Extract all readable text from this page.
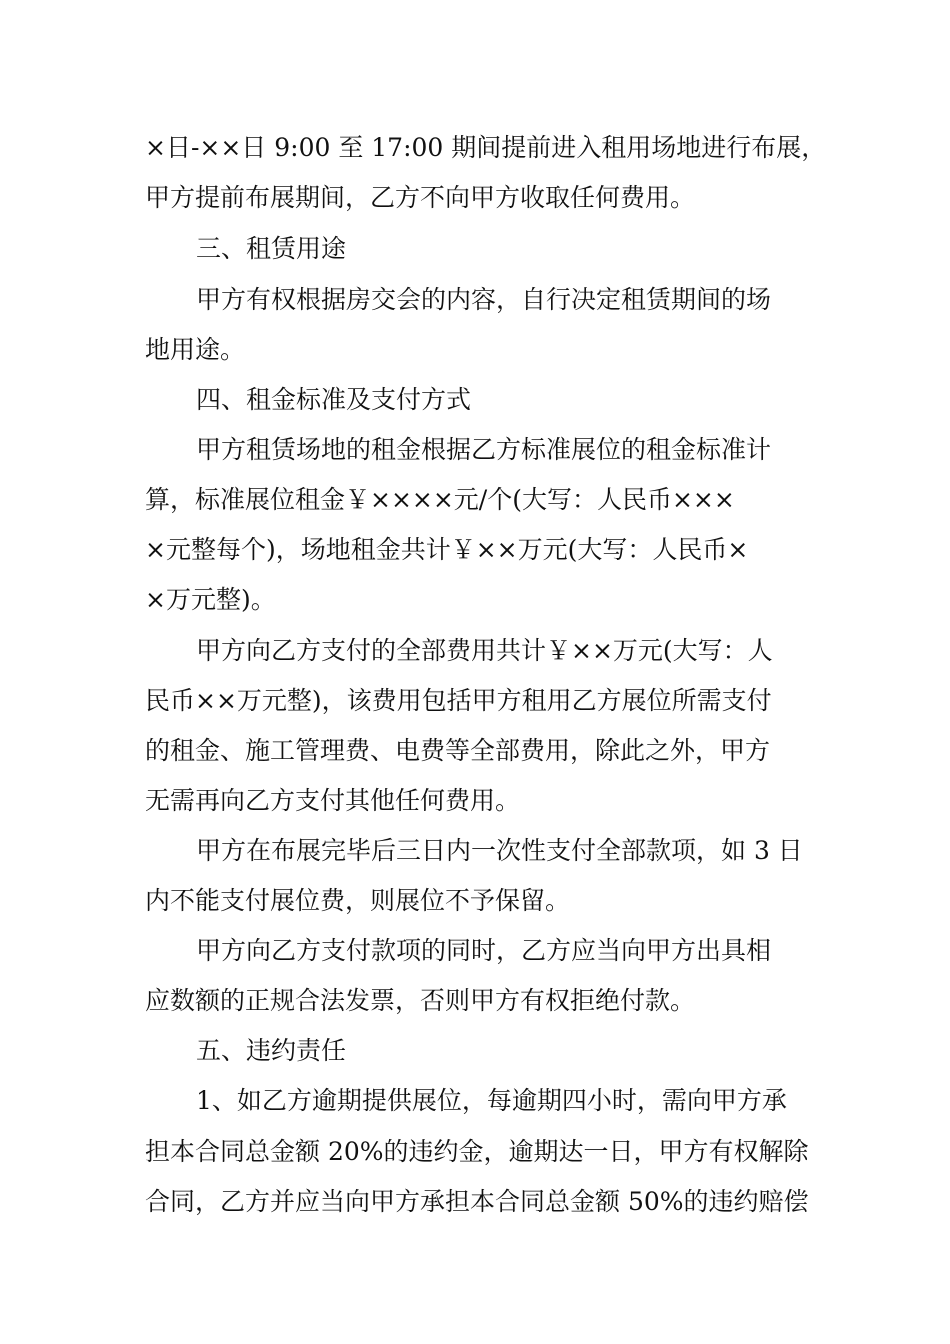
×日-××日 9:00 至 17:00 期间提前进入租用场地进行布展，
甲方提前布展期间，乙方不向甲方收取任何费用。
三、租赁用途
甲方有权根据房交会的内容，自行决定租赁期间的场
地用途。
四、租金标准及支付方式
甲方租赁场地的租金根据乙方标准展位的租金标准计
算，标准展位租金￥××××元/个(大写：人民币×××
×元整每个)，场地租金共计￥××万元(大写：人民币×
×万元整)。
甲方向乙方支付的全部费用共计￥××万元(大写：人
民币××万元整)，该费用包括甲方租用乙方展位所需支付
的租金、施工管理费、电费等全部费用，除此之外，甲方
无需再向乙方支付其他任何费用。
甲方在布展完毕后三日内一次性支付全部款项，如 3 日
内不能支付展位费，则展位不予保留。
甲方向乙方支付款项的同时，乙方应当向甲方出具相
应数额的正规合法发票，否则甲方有权拒绝付款。
五、违约责任
1、如乙方逾期提供展位，每逾期四小时，需向甲方承
担本合同总金额 20%的违约金，逾期达一日，甲方有权解除
合同，乙方并应当向甲方承担本合同总金额 50%的违约赔偿
